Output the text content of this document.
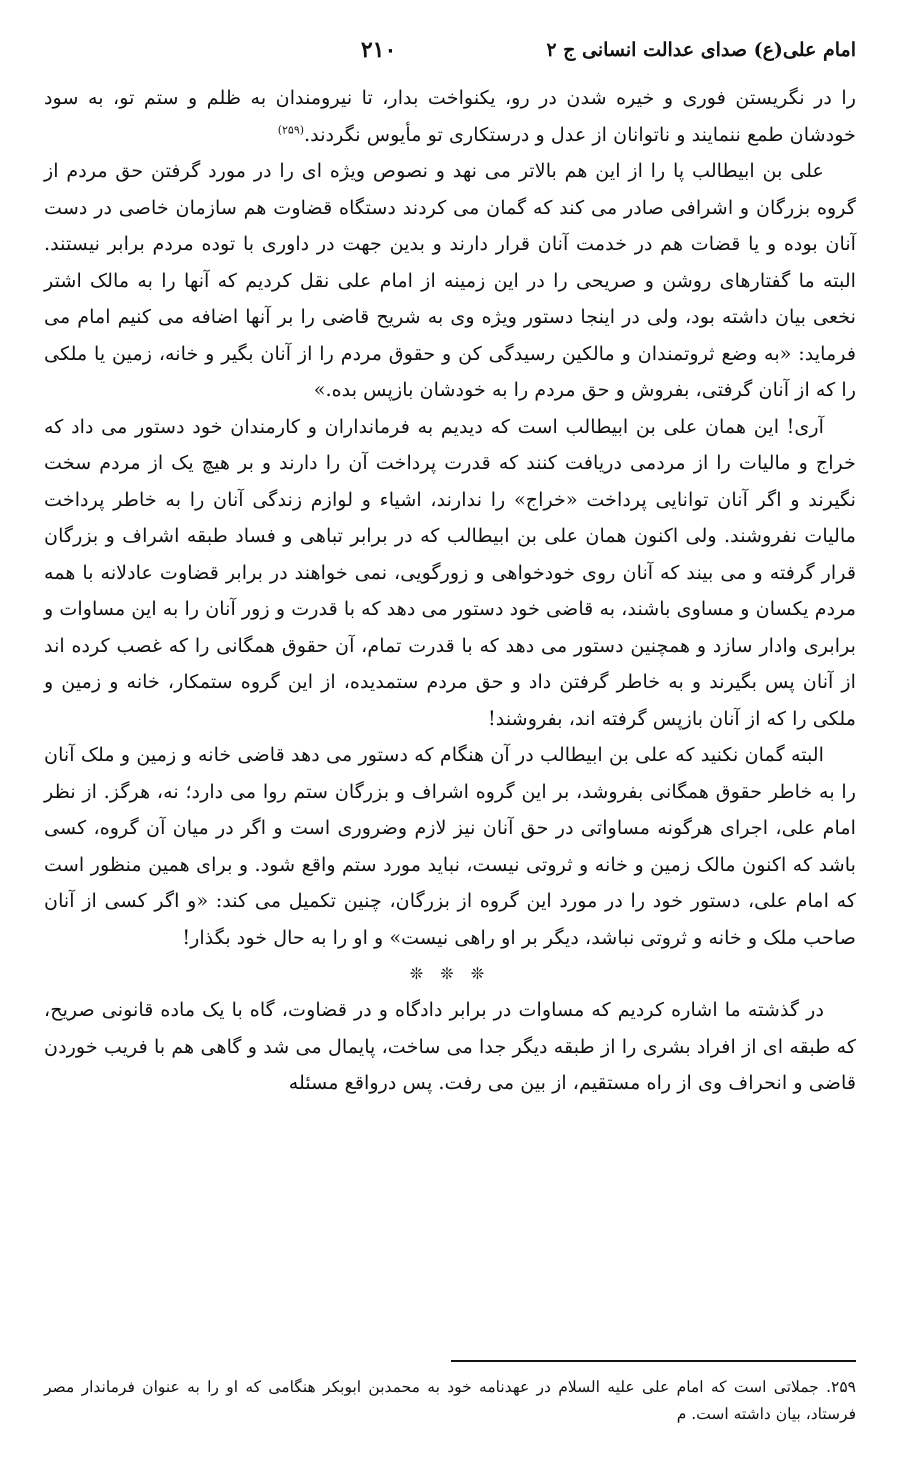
امام علی(ع) صدای عدالت انسانی ج ۲
۲۱۰

را در نگریستن فوری و خیره شدن در رو، یکنواخت بدار، تا نیرومندان به ظلم و ستم تو، به سود خودشان طمع ننمایند و ناتوانان از عدل و درستکاری تو مأیوس نگردند.$^{(۲۵۹)}$

علی بن ابیطالب پا را از این هم بالاتر می نهد و نصوص ویژه ای را در مورد گرفتن حق مردم از گروه بزرگان و اشرافی صادر می کند که گمان می کردند دستگاه قضاوت هم سازمان خاصی در دست آنان بوده و یا قضات هم در خدمت آنان قرار دارند و بدین جهت در داوری با توده مردم برابر نیستند. البته ما گفتارهای روشن و صریحی را در این زمینه از امام علی نقل کردیم که آنها را به مالک اشتر نخعی بیان داشته بود، ولی در اینجا دستور ویژه وی به شریح قاضی را بر آنها اضافه می کنیم امام می فرماید: «به وضع ثروتمندان و مالکین رسیدگی کن و حقوق مردم را از آنان بگیر و خانه، زمین یا ملکی را که از آنان گرفتی، بفروش و حق مردم را به خودشان بازپس بده.»

آری! این همان علی بن ابیطالب است که دیدیم به فرمانداران و کارمندان خود دستور می داد که خراج و مالیات را از مردمی دریافت کنند که قدرت پرداخت آن را دارند و بر هیچ یک از مردم سخت نگیرند و اگر آنان توانایی پرداخت «خراج» را ندارند، اشیاء و لوازم زندگی آنان را به خاطر پرداخت مالیات نفروشند. ولی اکنون همان علی بن ابیطالب که در برابر تباهی و فساد طبقه اشراف و بزرگان قرار گرفته و می بیند که آنان روی خودخواهی و زورگویی، نمی خواهند در برابر قضاوت عادلانه با همه مردم یکسان و مساوی باشند، به قاضی خود دستور می دهد که با قدرت و زور آنان را به این مساوات و برابری وادار سازد و همچنین دستور می دهد که با قدرت تمام، آن حقوق همگانی را که غصب کرده اند از آنان پس بگیرند و به خاطر گرفتن داد و حق مردم ستمدیده، از این گروه ستمکار، خانه و زمین و ملکی را که از آنان بازپس گرفته اند، بفروشند!

البته گمان نکنید که علی بن ابیطالب در آن هنگام که دستور می دهد قاضی خانه و زمین و ملک آنان را به خاطر حقوق همگانی بفروشد، بر این گروه اشراف و بزرگان ستم روا می دارد؛ نه، هرگز. از نظر امام علی، اجرای هرگونه مساواتی در حق آنان نیز لازم وضروری است و اگر در میان آن گروه، کسی باشد که اکنون مالک زمین و خانه و ثروتی نیست، نباید مورد ستم واقع شود. و برای همین منظور است که امام علی، دستور خود را در مورد این گروه از بزرگان، چنین تکمیل می کند: «و اگر کسی از آنان صاحب ملک و خانه و ثروتی نباشد، دیگر بر او راهی نیست» و او را به حال خود بگذار!

❊ ❊ ❊

در گذشته ما اشاره کردیم که مساوات در برابر دادگاه و در قضاوت، گاه با یک ماده قانونی صریح، که طبقه ای از افراد بشری را از طبقه دیگر جدا می ساخت، پایمال می شد و گاهی هم با فریب خوردن قاضی و انحراف وی از راه مستقیم، از بین می رفت. پس درواقع مسئله

۲۵۹. جملاتی است که امام علی علیه السلام در عهدنامه خود به محمدبن ابوبکر هنگامی که او را به عنوان فرماندار مصر فرستاد، بیان داشته است. م
